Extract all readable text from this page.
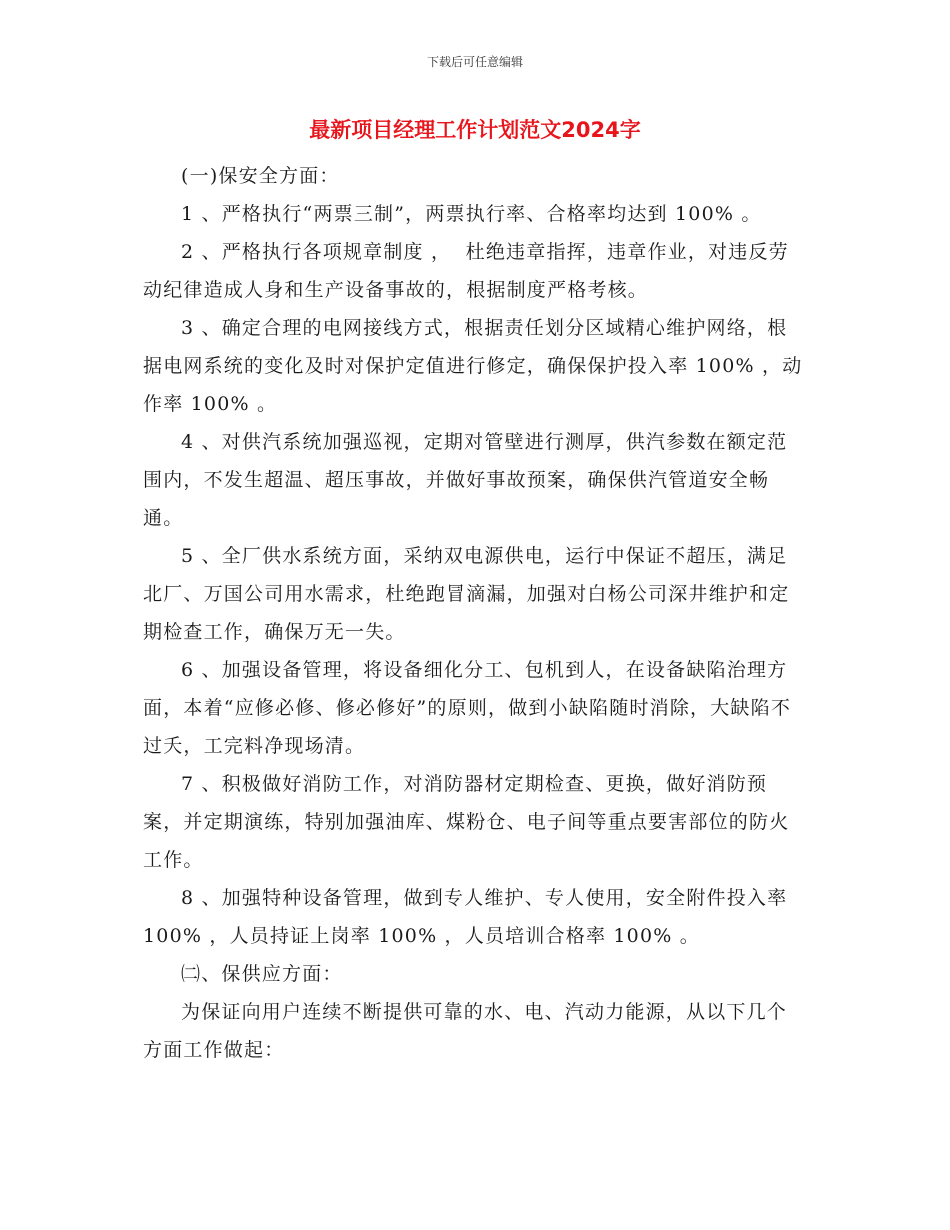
下载后可任意编辑
最新项目经理工作计划范文2024字

(一)保安全方面：

1 、严格执行“两票三制”，两票执行率、合格率均达到 100% 。

2 、严格执行各项规章制度 ，  杜绝违章指挥，违章作业，对违反劳动纪律造成人身和生产设备事故的，根据制度严格考核。

3 、确定合理的电网接线方式，根据责任划分区域精心维护网络，根据电网系统的变化及时对保护定值进行修定，确保保护投入率 100% ，动作率 100% 。

4 、对供汽系统加强巡视，定期对管壁进行测厚，供汽参数在额定范围内，不发生超温、超压事故，并做好事故预案，确保供汽管道安全畅通。

5 、全厂供水系统方面，采纳双电源供电，运行中保证不超压，满足北厂、万国公司用水需求，杜绝跑冒滴漏，加强对白杨公司深井维护和定期检查工作，确保万无一失。

6 、加强设备管理，将设备细化分工、包机到人，在设备缺陷治理方面，本着“应修必修、修必修好”的原则，做到小缺陷随时消除，大缺陷不过夭，工完料净现场清。

7 、积极做好消防工作，对消防器材定期检查、更换，做好消防预案，并定期演练，特别加强油库、煤粉仓、电子间等重点要害部位的防火工作。

8 、加强特种设备管理，做到专人维护、专人使用，安全附件投入率 100% ，人员持证上岗率 100% ，人员培训合格率 100% 。

㈡、保供应方面：

为保证向用户连续不断提供可靠的水、电、汽动力能源，从以下几个方面工作做起：
